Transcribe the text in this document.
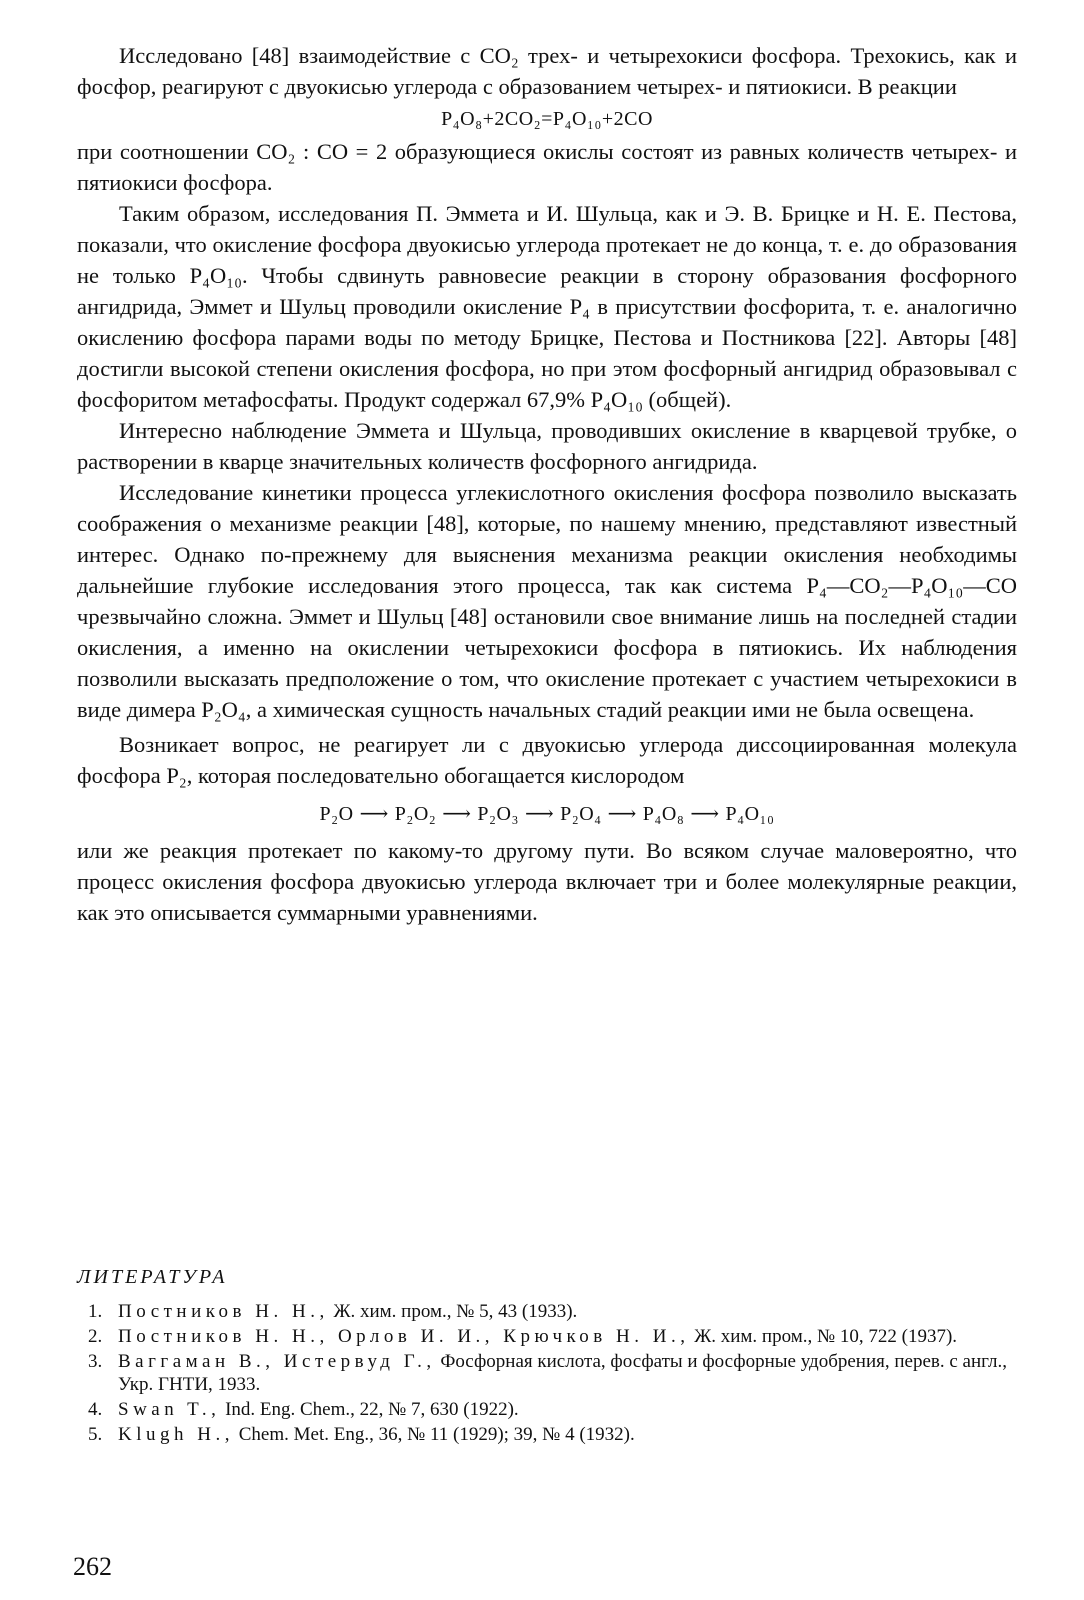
Исследовано [48] взаимодействие с CO₂ трех- и четырехокиси фосфора. Трехокись, как и фосфор, реагируют с двуокисью углерода с образованием четырех- и пятиокиси. В реакции

P₄O₈+2CO₂=P₄O₁₀+2CO

при соотношении CO₂ : CO = 2 образующиеся окислы состоят из равных количеств четырех- и пятиокиси фосфора.

Таким образом, исследования П. Эммета и И. Шульца, как и Э. В. Брицке и Н. Е. Пестова, показали, что окисление фосфора двуокисью углерода протекает не до конца, т. е. до образования не только P₄O₁₀. Чтобы сдвинуть равновесие реакции в сторону образования фосфорного ангидрида, Эммет и Шульц проводили окисление P₄ в присутствии фосфорита, т. е. аналогично окислению фосфора парами воды по методу Брицке, Пестова и Постникова [22]. Авторы [48] достигли высокой степени окисления фосфора, но при этом фосфорный ангидрид образовывал с фосфоритом метафосфаты. Продукт содержал 67,9% P₄O₁₀ (общей).

Интересно наблюдение Эммета и Шульца, проводивших окисление в кварцевой трубке, о растворении в кварце значительных количеств фосфорного ангидрида.

Исследование кинетики процесса углекислотного окисления фосфора позволило высказать соображения о механизме реакции [48], которые, по нашему мнению, представляют известный интерес. Однако по-прежнему для выяснения механизма реакции окисления необходимы дальнейшие глубокие исследования этого процесса, так как система P₄—CO₂—P₄O₁₀—CO чрезвычайно сложна. Эммет и Шульц [48] остановили свое внимание лишь на последней стадии окисления, а именно на окислении четырехокиси фосфора в пятиокись. Их наблюдения позволили высказать предположение о том, что окисление протекает с участием четырехокиси в виде димера P₂O₄, а химическая сущность начальных стадий реакции ими не была освещена.

Возникает вопрос, не реагирует ли с двуокисью углерода диссоциированная молекула фосфора P₂, которая последовательно обогащается кислородом

P₂O ⟶ P₂O₂ ⟶ P₂O₃ ⟶ P₂O₄ ⟶ P₄O₈ ⟶ P₄O₁₀

или же реакция протекает по какому-то другому пути. Во всяком случае маловероятно, что процесс окисления фосфора двуокисью углерода включает три и более молекулярные реакции, как это описывается суммарными уравнениями.

ЛИТЕРАТУРА
1. Постников Н. Н., Ж. хим. пром., № 5, 43 (1933).
2. Постников Н. Н., Орлов И. И., Крючков Н. И., Ж. хим. пром., № 10, 722 (1937).
3. Ваггаман В., Истервуд Г., Фосфорная кислота, фосфаты и фосфорные удобрения, перев. с англ., Укр. ГНТИ, 1933.
4. Swan T., Ind. Eng. Chem., 22, № 7, 630 (1922).
5. Klugh H., Chem. Met. Eng., 36, № 11 (1929); 39, № 4 (1932).
262
